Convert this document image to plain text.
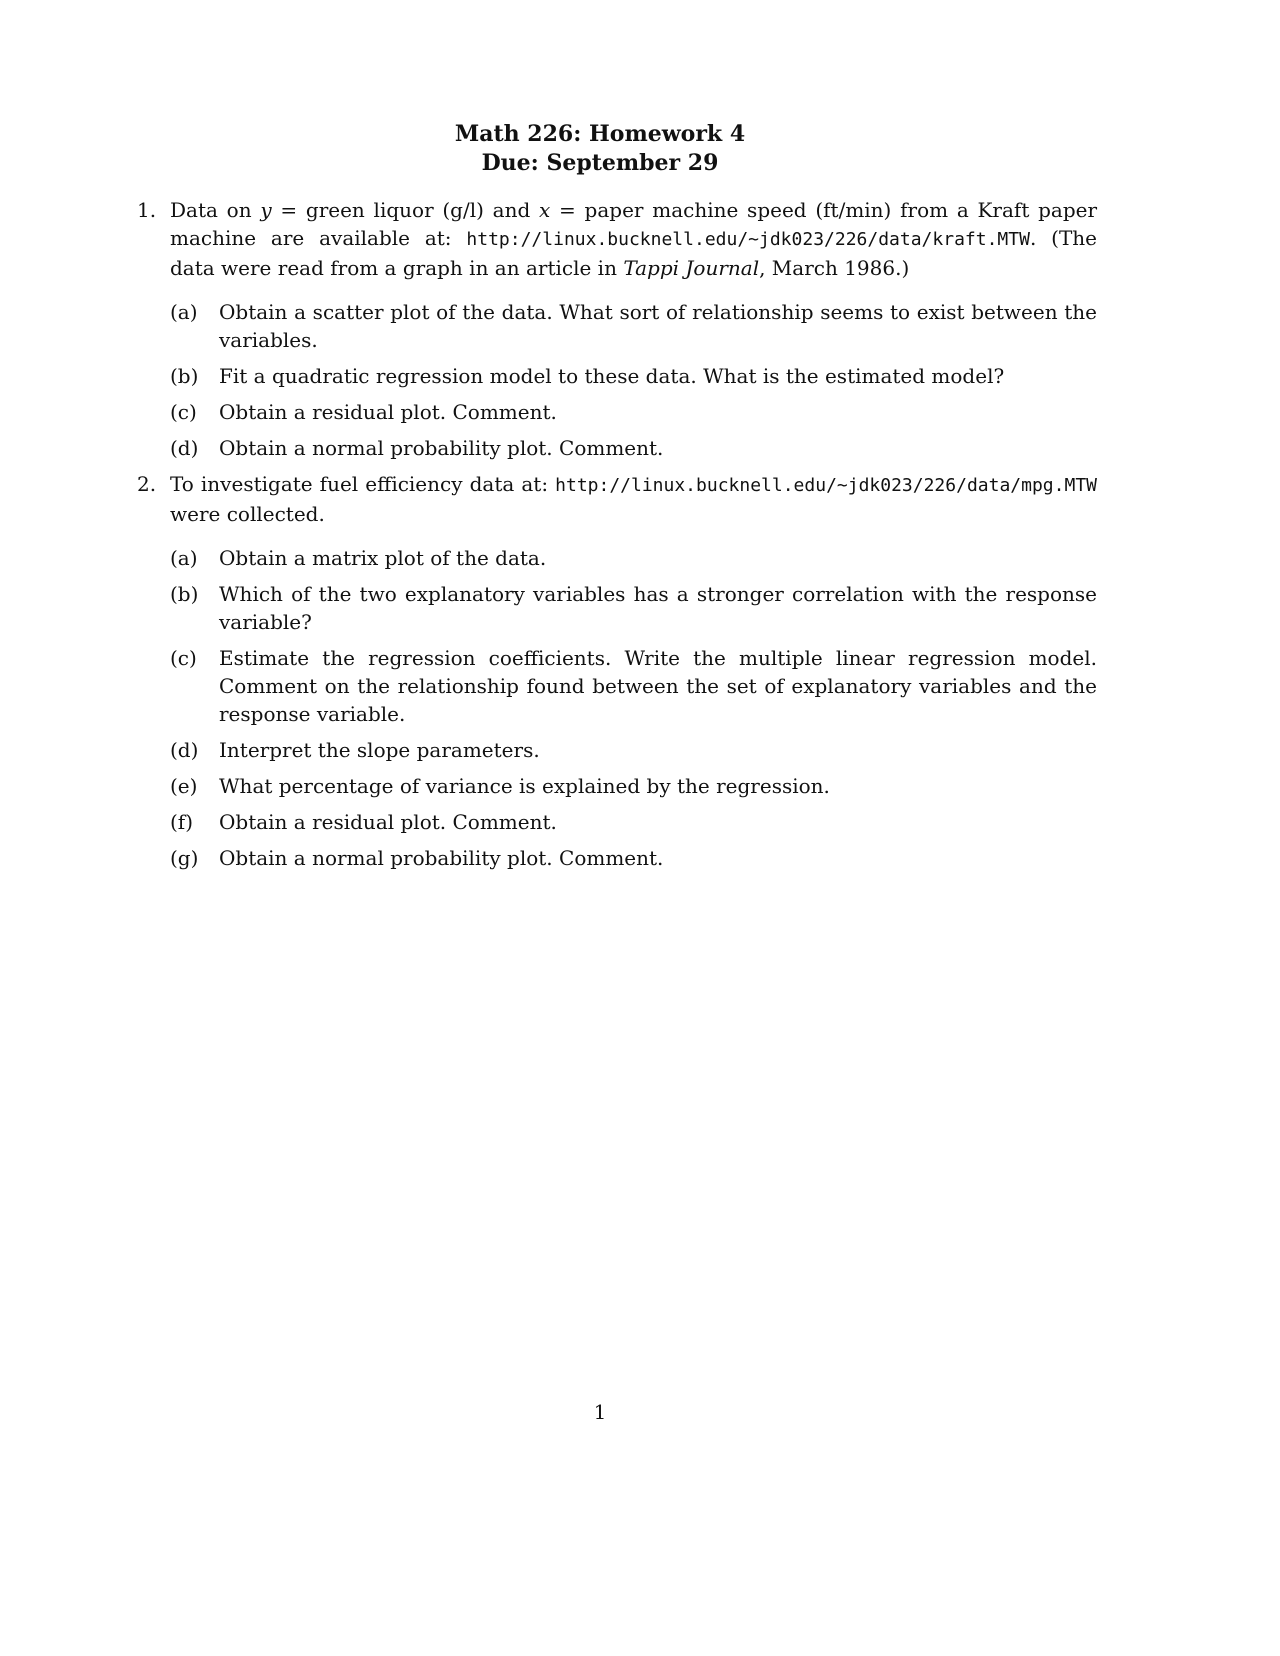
Math 226: Homework 4
Due: September 29
1. Data on y = green liquor (g/l) and x = paper machine speed (ft/min) from a Kraft paper machine are available at: http://linux.bucknell.edu/~jdk023/226/data/kraft.MTW. (The data were read from a graph in an article in Tappi Journal, March 1986.)
(a) Obtain a scatter plot of the data. What sort of relationship seems to exist between the variables.
(b) Fit a quadratic regression model to these data. What is the estimated model?
(c) Obtain a residual plot. Comment.
(d) Obtain a normal probability plot. Comment.
2. To investigate fuel efficiency data at: http://linux.bucknell.edu/~jdk023/226/data/mpg.MTW were collected.
(a) Obtain a matrix plot of the data.
(b) Which of the two explanatory variables has a stronger correlation with the response variable?
(c) Estimate the regression coefficients. Write the multiple linear regression model. Comment on the relationship found between the set of explanatory variables and the response variable.
(d) Interpret the slope parameters.
(e) What percentage of variance is explained by the regression.
(f) Obtain a residual plot. Comment.
(g) Obtain a normal probability plot. Comment.
1
